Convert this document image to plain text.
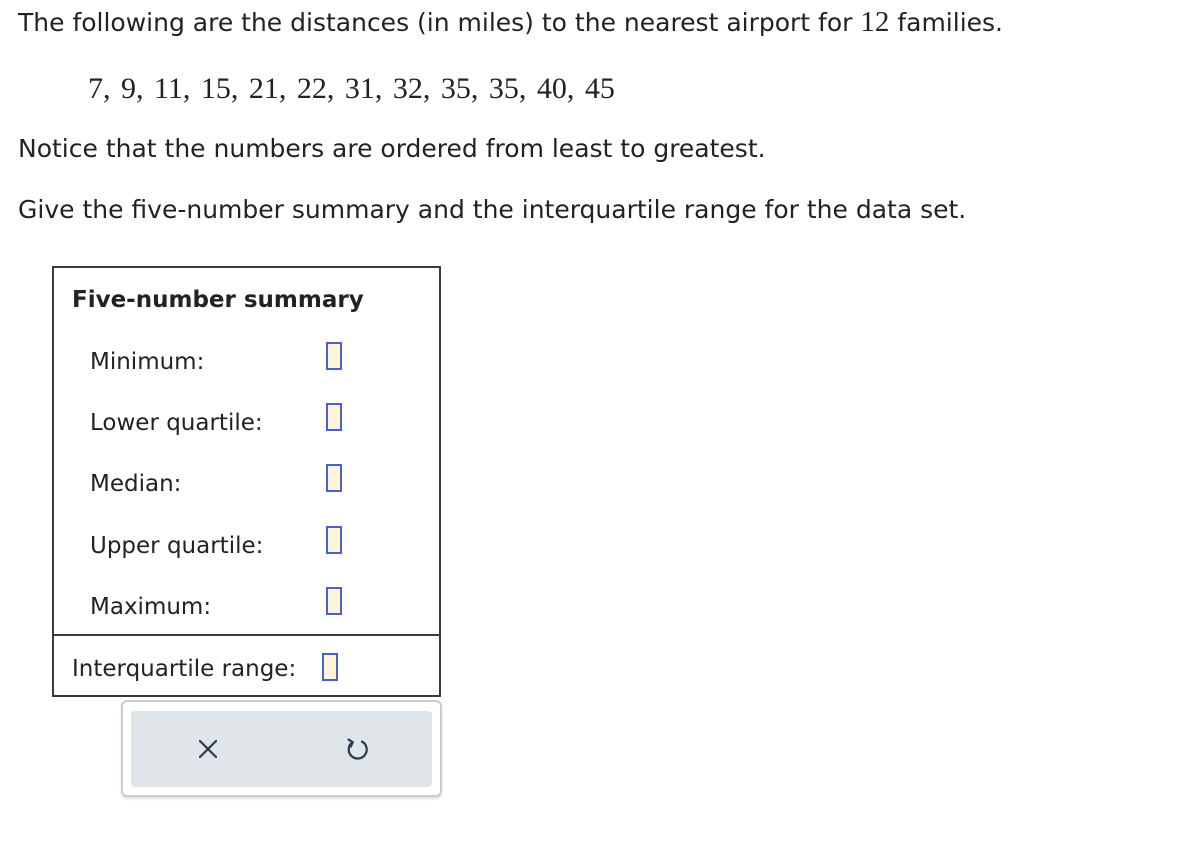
The following are the distances (in miles) to the nearest airport for 12 families.
7, 9, 11, 15, 21, 22, 31, 32, 35, 35, 40, 45
Notice that the numbers are ordered from least to greatest.
Give the five-number summary and the interquartile range for the data set.
Five-number summary
Minimum:
Lower quartile:
Median:
Upper quartile:
Maximum:
Interquartile range:
